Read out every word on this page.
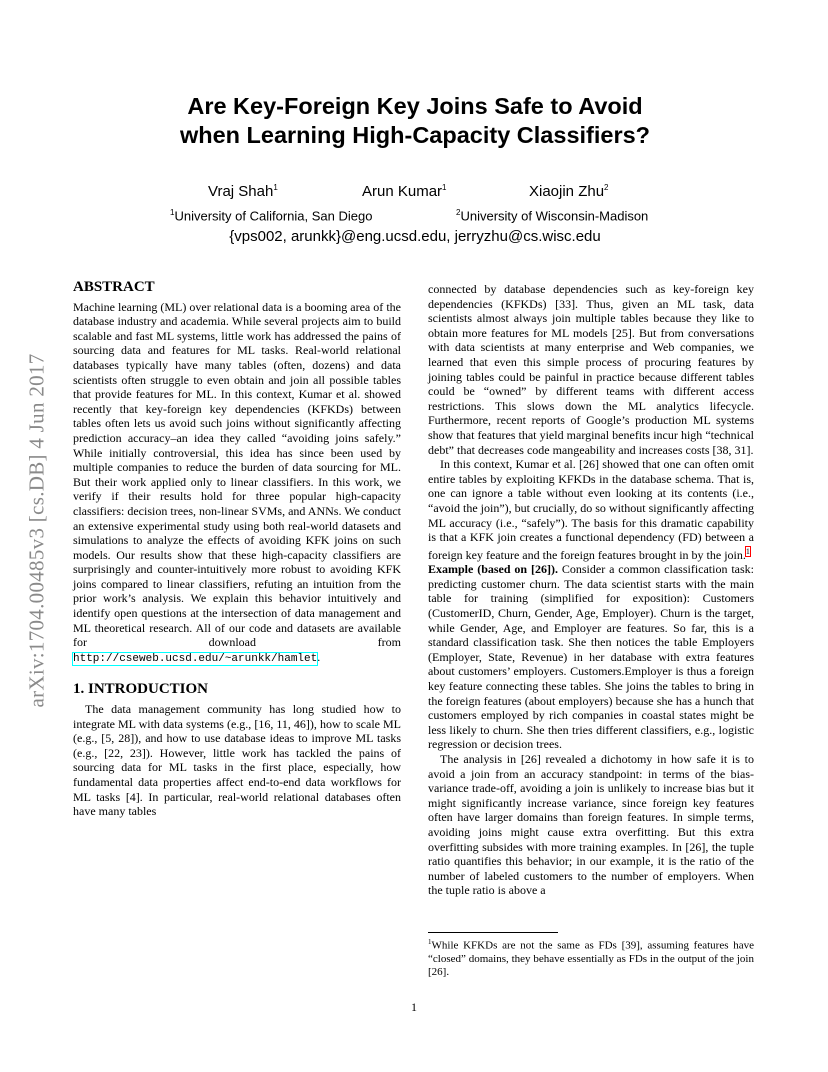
arXiv:1704.00485v3 [cs.DB] 4 Jun 2017
Are Key-Foreign Key Joins Safe to Avoid
when Learning High-Capacity Classifiers?
Vraj Shah$^1$	Arun Kumar$^1$	Xiaojin Zhu$^2$
$^1$University of California, San Diego	$^2$University of Wisconsin-Madison
{vps002, arunkk}@eng.ucsd.edu, jerryzhu@cs.wisc.edu
ABSTRACT

Machine learning (ML) over relational data is a booming area of the database industry and academia. While several projects aim to build scalable and fast ML systems, little work has addressed the pains of sourcing data and features for ML tasks. Real-world relational databases typically have many tables (often, dozens) and data scientists often struggle to even obtain and join all possible tables that provide features for ML. In this context, Kumar et al. showed recently that key-foreign key dependencies (KFKDs) between tables often lets us avoid such joins without significantly affecting prediction accuracy–an idea they called “avoiding joins safely.” While initially controversial, this idea has since been used by multiple companies to reduce the burden of data sourcing for ML. But their work applied only to linear classifiers. In this work, we verify if their results hold for three popular high-capacity classifiers: decision trees, non-linear SVMs, and ANNs. We conduct an extensive experimental study using both real-world datasets and simulations to analyze the effects of avoiding KFK joins on such models. Our results show that these high-capacity classifiers are surprisingly and counter-intuitively more robust to avoiding KFK joins compared to linear classifiers, refuting an intuition from the prior work’s analysis. We explain this behavior intuitively and identify open questions at the intersection of data management and ML theoretical research. All of our code and datasets are available for download from http://cseweb.ucsd.edu/~arunkk/hamlet.

1. INTRODUCTION

The data management community has long studied how to integrate ML with data systems (e.g., [16, 11, 46]), how to scale ML (e.g., [5, 28]), and how to use database ideas to improve ML tasks (e.g., [22, 23]). However, little work has tackled the pains of sourcing data for ML tasks in the first place, especially, how fundamental data properties affect end-to-end data workflows for ML tasks [4]. In particular, real-world relational databases often have many tables

connected by database dependencies such as key-foreign key dependencies (KFKDs) [33]. Thus, given an ML task, data scientists almost always join multiple tables because they like to obtain more features for ML models [25]. But from conversations with data scientists at many enterprise and Web companies, we learned that even this simple process of procuring features by joining tables could be painful in practice because different tables could be “owned” by different teams with different access restrictions. This slows down the ML analytics lifecycle. Furthermore, recent reports of Google’s production ML systems show that features that yield marginal benefits incur high “technical debt” that decreases code mangeability and increases costs [38, 31].

In this context, Kumar et al. [26] showed that one can often omit entire tables by exploiting KFKDs in the database schema. That is, one can ignore a table without even looking at its contents (i.e., “avoid the join”), but crucially, do so without significantly affecting ML accuracy (i.e., “safely”). The basis for this dramatic capability is that a KFK join creates a functional dependency (FD) between a foreign key feature and the foreign features brought in by the join.$^1$

Example (based on [26]). Consider a common classification task: predicting customer churn. The data scientist starts with the main table for training (simplified for exposition): Customers (CustomerID, Churn, Gender, Age, Employer). Churn is the target, while Gender, Age, and Employer are features. So far, this is a standard classification task. She then notices the table Employers (Employer, State, Revenue) in her database with extra features about customers’ employers. Customers.Employer is thus a foreign key feature connecting these tables. She joins the tables to bring in the foreign features (about employers) because she has a hunch that customers employed by rich companies in coastal states might be less likely to churn. She then tries different classifiers, e.g., logistic regression or decision trees.

The analysis in [26] revealed a dichotomy in how safe it is to avoid a join from an accuracy standpoint: in terms of the bias-variance trade-off, avoiding a join is unlikely to increase bias but it might significantly increase variance, since foreign key features often have larger domains than foreign features. In simple terms, avoiding joins might cause extra overfitting. But this extra overfitting subsides with more training examples. In [26], the tuple ratio quantifies this behavior; in our example, it is the ratio of the number of labeled customers to the number of employers. When the tuple ratio is above a

$^1$While KFKDs are not the same as FDs [39], assuming features have “closed” domains, they behave essentially as FDs in the output of the join [26].
1
